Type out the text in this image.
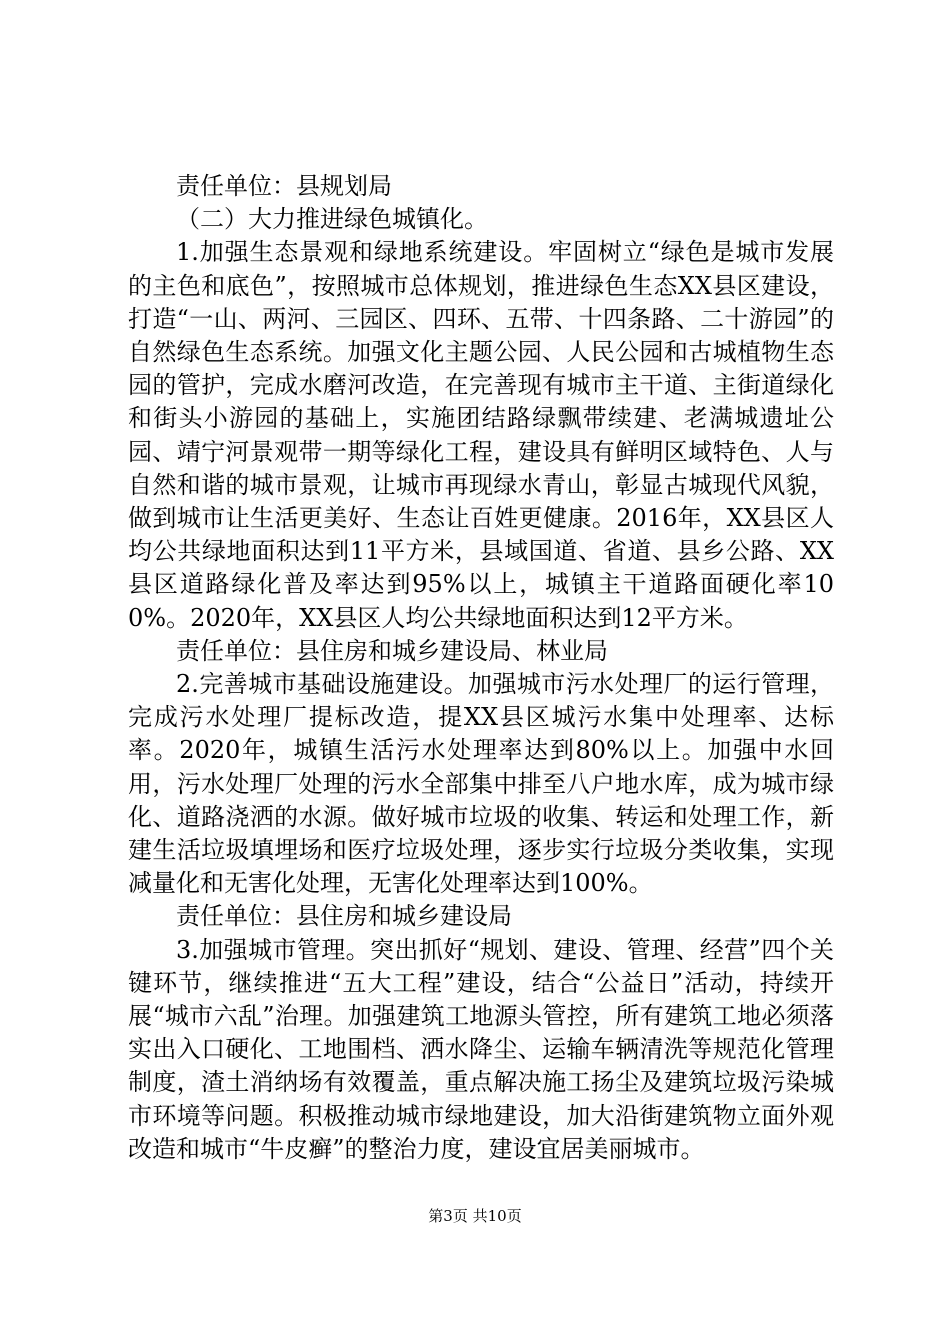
责任单位：县规划局

（二）大力推进绿色城镇化。

1.加强生态景观和绿地系统建设。牢固树立“绿色是城市发展的主色和底色”，按照城市总体规划，推进绿色生态XX县区建设，打造“一山、两河、三园区、四环、五带、十四条路、二十游园”的自然绿色生态系统。加强文化主题公园、人民公园和古城植物生态园的管护，完成水磨河改造，在完善现有城市主干道、主街道绿化和街头小游园的基础上，实施团结路绿飘带续建、老满城遗址公园、靖宁河景观带一期等绿化工程，建设具有鲜明区域特色、人与自然和谐的城市景观，让城市再现绿水青山，彰显古城现代风貌，做到城市让生活更美好、生态让百姓更健康。2016年，XX县区人均公共绿地面积达到11平方米，县域国道、省道、县乡公路、XX县区道路绿化普及率达到95%以上，城镇主干道路面硬化率100%。2020年，XX县区人均公共绿地面积达到12平方米。

责任单位：县住房和城乡建设局、林业局

2.完善城市基础设施建设。加强城市污水处理厂的运行管理，完成污水处理厂提标改造，提XX县区城污水集中处理率、达标率。2020年，城镇生活污水处理率达到80%以上。加强中水回用，污水处理厂处理的污水全部集中排至八户地水库，成为城市绿化、道路浇洒的水源。做好城市垃圾的收集、转运和处理工作，新建生活垃圾填埋场和医疗垃圾处理，逐步实行垃圾分类收集，实现减量化和无害化处理，无害化处理率达到100%。

责任单位：县住房和城乡建设局

3.加强城市管理。突出抓好“规划、建设、管理、经营”四个关键环节，继续推进“五大工程”建设，结合“公益日”活动，持续开展“城市六乱”治理。加强建筑工地源头管控，所有建筑工地必须落实出入口硬化、工地围档、洒水降尘、运输车辆清洗等规范化管理制度，渣土消纳场有效覆盖，重点解决施工扬尘及建筑垃圾污染城市环境等问题。积极推动城市绿地建设，加大沿街建筑物立面外观改造和城市“牛皮癣”的整治力度，建设宜居美丽城市。

第3页 共10页
